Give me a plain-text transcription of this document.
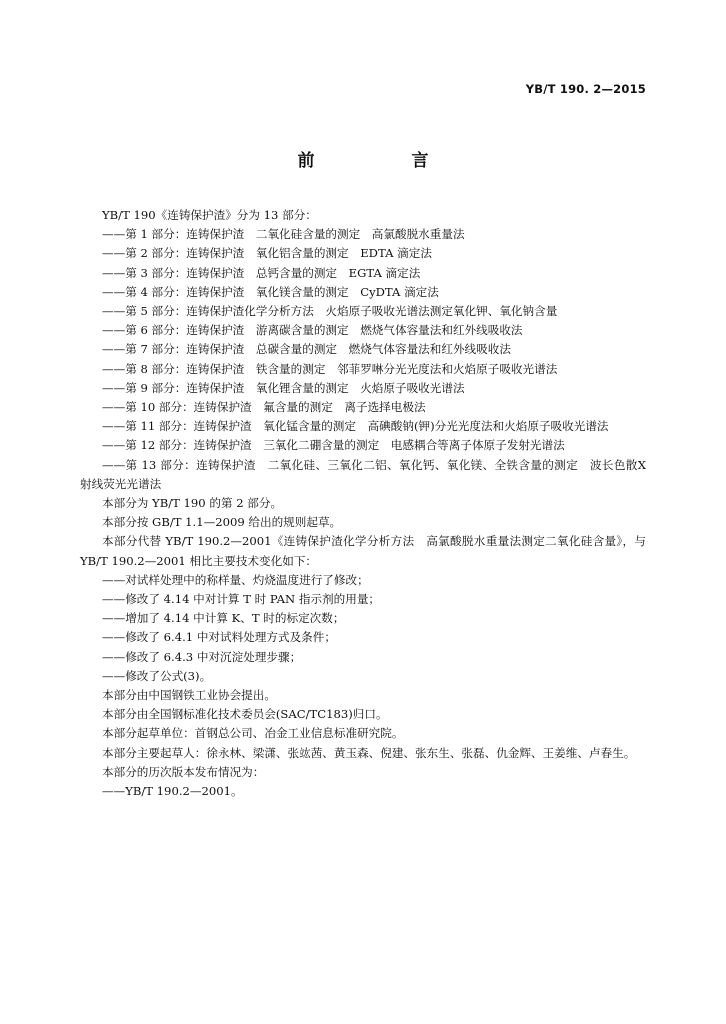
YB/T 190. 2—2015
前　言

YB/T 190《连铸保护渣》分为 13 部分：

——第 1 部分：连铸保护渣　二氧化硅含量的测定　高氯酸脱水重量法

——第 2 部分：连铸保护渣　氧化铝含量的测定　EDTA 滴定法

——第 3 部分：连铸保护渣　总钙含量的测定　EGTA 滴定法

——第 4 部分：连铸保护渣　氧化镁含量的测定　CyDTA 滴定法

——第 5 部分：连铸保护渣化学分析方法　火焰原子吸收光谱法测定氧化钾、氧化钠含量

——第 6 部分：连铸保护渣　游离碳含量的测定　燃烧气体容量法和红外线吸收法

——第 7 部分：连铸保护渣　总碳含量的测定　燃烧气体容量法和红外线吸收法

——第 8 部分：连铸保护渣　铁含量的测定　邻菲罗啉分光光度法和火焰原子吸收光谱法

——第 9 部分：连铸保护渣　氧化锂含量的测定　火焰原子吸收光谱法

——第 10 部分：连铸保护渣　氟含量的测定　离子选择电极法

——第 11 部分：连铸保护渣　氧化锰含量的测定　高碘酸钠(钾)分光光度法和火焰原子吸收光谱法

——第 12 部分：连铸保护渣　三氧化二硼含量的测定　电感耦合等离子体原子发射光谱法

——第 13 部分：连铸保护渣　二氧化硅、三氧化二铝、氧化钙、氧化镁、全铁含量的测定　波长色散X 射线荧光光谱法

本部分为 YB/T 190 的第 2 部分。

本部分按 GB/T 1.1—2009 给出的规则起草。

本部分代替 YB/T 190.2—2001《连铸保护渣化学分析方法　高氯酸脱水重量法测定二氧化硅含量》，与 YB/T 190.2—2001 相比主要技术变化如下：

——对试样处理中的称样量、灼烧温度进行了修改；

——修改了 4.14 中对计算 T 时 PAN 指示剂的用量；

——增加了 4.14 中计算 K、T 时的标定次数；

——修改了 6.4.1 中对试料处理方式及条件；

——修改了 6.4.3 中对沉淀处理步骤；

——修改了公式(3)。

本部分由中国钢铁工业协会提出。

本部分由全国钢标准化技术委员会(SAC/TC183)归口。

本部分起草单位：首钢总公司、冶金工业信息标准研究院。

本部分主要起草人：徐永林、梁潇、张竑茜、黄玉森、倪建、张东生、张磊、仇金辉、王姜维、卢春生。

本部分的历次版本发布情况为：

——YB/T 190.2—2001。
